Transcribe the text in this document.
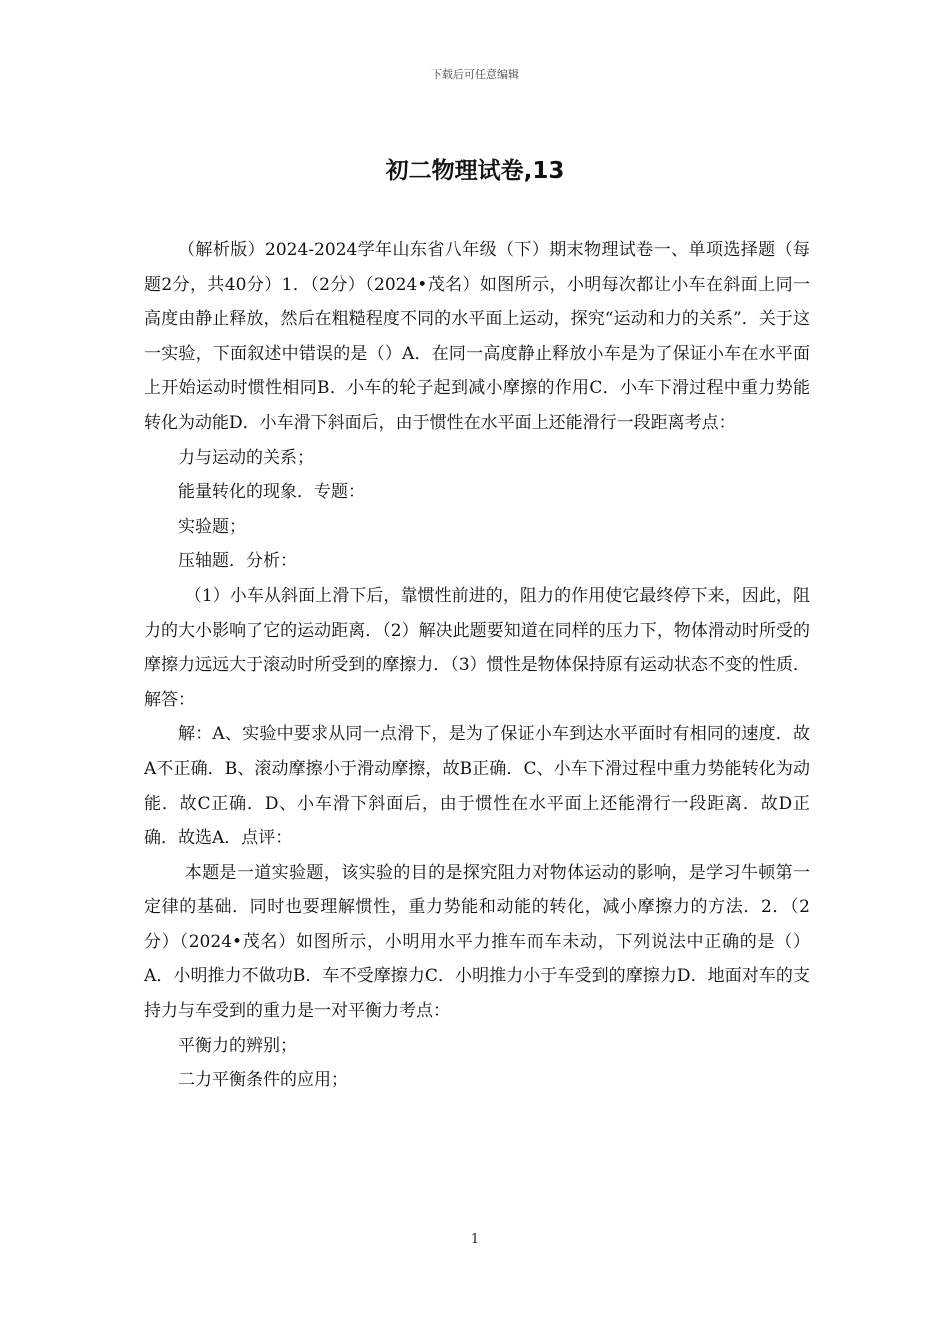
下载后可任意编辑
初二物理试卷,13

（解析版）2024-2024学年山东省八年级（下）期末物理试卷一、单项选择题（每题2分，共40分）1．（2分）（2024•茂名）如图所示，小明每次都让小车在斜面上同一高度由静止释放，然后在粗糙程度不同的水平面上运动，探究“运动和力的关系”．关于这一实验，下面叙述中错误的是（）A．在同一高度静止释放小车是为了保证小车在水平面上开始运动时惯性相同B．小车的轮子起到减小摩擦的作用C．小车下滑过程中重力势能转化为动能D．小车滑下斜面后，由于惯性在水平面上还能滑行一段距离考点：

力与运动的关系；

能量转化的现象．专题：

实验题；

压轴题．分析：

（1）小车从斜面上滑下后，靠惯性前进的，阻力的作用使它最终停下来，因此，阻力的大小影响了它的运动距离．（2）解决此题要知道在同样的压力下，物体滑动时所受的摩擦力远远大于滚动时所受到的摩擦力．（3）惯性是物体保持原有运动状态不变的性质．解答：

解：A、实验中要求从同一点滑下，是为了保证小车到达水平面时有相同的速度．故A不正确．B、滚动摩擦小于滑动摩擦，故B正确．C、小车下滑过程中重力势能转化为动能．故C正确．D、小车滑下斜面后，由于惯性在水平面上还能滑行一段距离．故D正确．故选A．点评：

本题是一道实验题，该实验的目的是探究阻力对物体运动的影响，是学习牛顿第一定律的基础．同时也要理解惯性，重力势能和动能的转化，减小摩擦力的方法．2．（2分）（2024•茂名）如图所示，小明用水平力推车而车未动，下列说法中正确的是（）A．小明推力不做功B．车不受摩擦力C．小明推力小于车受到的摩擦力D．地面对车的支持力与车受到的重力是一对平衡力考点：

平衡力的辨别；

二力平衡条件的应用；

1
